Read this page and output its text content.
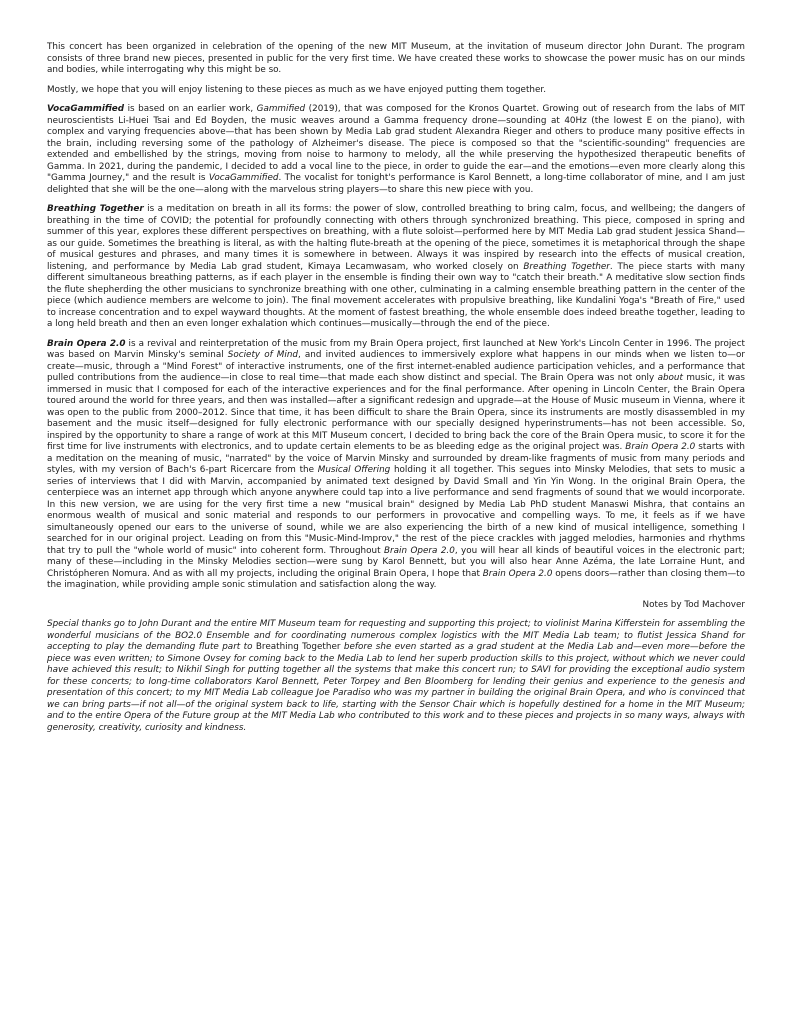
This concert has been organized in celebration of the opening of the new MIT Museum, at the invitation of museum director John Durant. The program consists of three brand new pieces, presented in public for the very first time. We have created these works to showcase the power music has on our minds and bodies, while interrogating why this might be so.

Mostly, we hope that you will enjoy listening to these pieces as much as we have enjoyed putting them together.

VocaGammified is based on an earlier work, Gammified (2019), that was composed for the Kronos Quartet. Growing out of research from the labs of MIT neuroscientists Li-Huei Tsai and Ed Boyden, the music weaves around a Gamma frequency drone—sounding at 40Hz (the lowest E on the piano), with complex and varying frequencies above—that has been shown by Media Lab grad student Alexandra Rieger and others to produce many positive effects in the brain, including reversing some of the pathology of Alzheimer's disease. The piece is composed so that the "scientific-sounding" frequencies are extended and embellished by the strings, moving from noise to harmony to melody, all the while preserving the hypothesized therapeutic benefits of Gamma. In 2021, during the pandemic, I decided to add a vocal line to the piece, in order to guide the ear—and the emotions—even more clearly along this "Gamma Journey," and the result is VocaGammified. The vocalist for tonight's performance is Karol Bennett, a long-time collaborator of mine, and I am just delighted that she will be the one—along with the marvelous string players—to share this new piece with you.

Breathing Together is a meditation on breath in all its forms: the power of slow, controlled breathing to bring calm, focus, and wellbeing; the dangers of breathing in the time of COVID; the potential for profoundly connecting with others through synchronized breathing. This piece, composed in spring and summer of this year, explores these different perspectives on breathing, with a flute soloist—performed here by MIT Media Lab grad student Jessica Shand—as our guide. Sometimes the breathing is literal, as with the halting flute-breath at the opening of the piece, sometimes it is metaphorical through the shape of musical gestures and phrases, and many times it is somewhere in between. Always it was inspired by research into the effects of musical creation, listening, and performance by Media Lab grad student, Kimaya Lecamwasam, who worked closely on Breathing Together. The piece starts with many different simultaneous breathing patterns, as if each player in the ensemble is finding their own way to "catch their breath." A meditative slow section finds the flute shepherding the other musicians to synchronize breathing with one other, culminating in a calming ensemble breathing pattern in the center of the piece (which audience members are welcome to join). The final movement accelerates with propulsive breathing, like Kundalini Yoga's "Breath of Fire," used to increase concentration and to expel wayward thoughts. At the moment of fastest breathing, the whole ensemble does indeed breathe together, leading to a long held breath and then an even longer exhalation which continues—musically—through the end of the piece.

Brain Opera 2.0 is a revival and reinterpretation of the music from my Brain Opera project, first launched at New York's Lincoln Center in 1996. The project was based on Marvin Minsky's seminal Society of Mind, and invited audiences to immersively explore what happens in our minds when we listen to—or create—music, through a "Mind Forest" of interactive instruments, one of the first internet-enabled audience participation vehicles, and a performance that pulled contributions from the audience—in close to real time—that made each show distinct and special. The Brain Opera was not only about music, it was immersed in music that I composed for each of the interactive experiences and for the final performance. After opening in Lincoln Center, the Brain Opera toured around the world for three years, and then was installed—after a significant redesign and upgrade—at the House of Music museum in Vienna, where it was open to the public from 2000–2012. Since that time, it has been difficult to share the Brain Opera, since its instruments are mostly disassembled in my basement and the music itself—designed for fully electronic performance with our specially designed hyperinstruments—has not been accessible. So, inspired by the opportunity to share a range of work at this MIT Museum concert, I decided to bring back the core of the Brain Opera music, to score it for the first time for live instruments with electronics, and to update certain elements to be as bleeding edge as the original project was. Brain Opera 2.0 starts with a meditation on the meaning of music, "narrated" by the voice of Marvin Minsky and surrounded by dream-like fragments of music from many periods and styles, with my version of Bach's 6-part Ricercare from the Musical Offering holding it all together. This segues into Minsky Melodies, that sets to music a series of interviews that I did with Marvin, accompanied by animated text designed by David Small and Yin Yin Wong. In the original Brain Opera, the centerpiece was an internet app through which anyone anywhere could tap into a live performance and send fragments of sound that we would incorporate. In this new version, we are using for the very first time a new "musical brain" designed by Media Lab PhD student Manaswi Mishra, that contains an enormous wealth of musical and sonic material and responds to our performers in provocative and compelling ways. To me, it feels as if we have simultaneously opened our ears to the universe of sound, while we are also experiencing the birth of a new kind of musical intelligence, something I searched for in our original project. Leading on from this "Music-Mind-Improv," the rest of the piece crackles with jagged melodies, harmonies and rhythms that try to pull the "whole world of music" into coherent form. Throughout Brain Opera 2.0, you will hear all kinds of beautiful voices in the electronic part; many of these—including in the Minsky Melodies section—were sung by Karol Bennett, but you will also hear Anne Azéma, the late Lorraine Hunt, and Christópheren Nomura. And as with all my projects, including the original Brain Opera, I hope that Brain Opera 2.0 opens doors—rather than closing them—to the imagination, while providing ample sonic stimulation and satisfaction along the way.

Notes by Tod Machover

Special thanks go to John Durant and the entire MIT Museum team for requesting and supporting this project; to violinist Marina Kifferstein for assembling the wonderful musicians of the BO2.0 Ensemble and for coordinating numerous complex logistics with the MIT Media Lab team; to flutist Jessica Shand for accepting to play the demanding flute part to Breathing Together before she even started as a grad student at the Media Lab and—even more—before the piece was even written; to Simone Ovsey for coming back to the Media Lab to lend her superb production skills to this project, without which we never could have achieved this result; to Nikhil Singh for putting together all the systems that make this concert run; to SAVI for providing the exceptional audio system for these concerts; to long-time collaborators Karol Bennett, Peter Torpey and Ben Bloomberg for lending their genius and experience to the genesis and presentation of this concert; to my MIT Media Lab colleague Joe Paradiso who was my partner in building the original Brain Opera, and who is convinced that we can bring parts—if not all—of the original system back to life, starting with the Sensor Chair which is hopefully destined for a home in the MIT Museum; and to the entire Opera of the Future group at the MIT Media Lab who contributed to this work and to these pieces and projects in so many ways, always with generosity, creativity, curiosity and kindness.
